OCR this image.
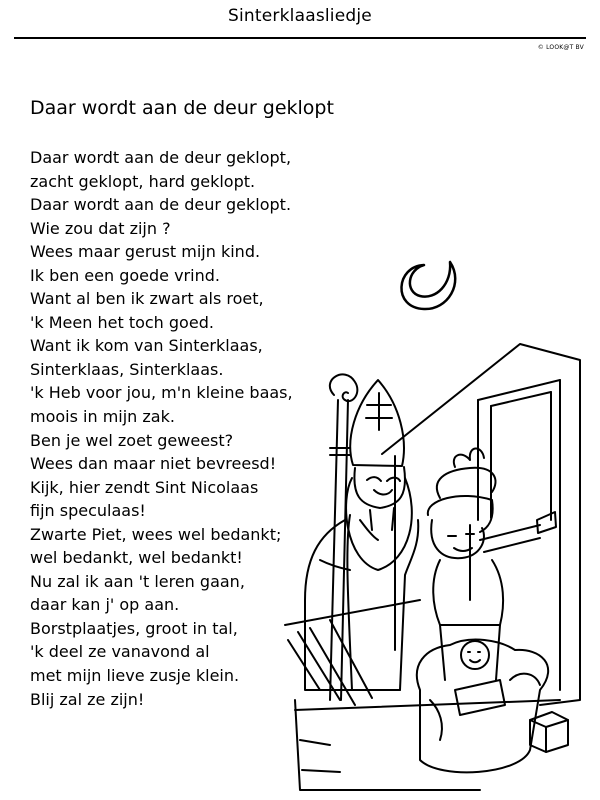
Sinterklaasliedje
© LOOK@T BV
Daar wordt aan de deur geklopt
Daar wordt aan de deur geklopt,
zacht geklopt, hard geklopt.
Daar wordt aan de deur geklopt.
Wie zou dat zijn ?
Wees maar gerust mijn kind.
Ik ben een goede vrind.
Want al ben ik zwart als roet,
'k Meen het toch goed.
Want ik kom van Sinterklaas,
Sinterklaas, Sinterklaas.
'k Heb voor jou, m'n kleine baas,
moois in mijn zak.
Ben je wel zoet geweest?
Wees dan maar niet bevreesd!
Kijk, hier zendt Sint Nicolaas
fijn speculaas!
Zwarte Piet, wees wel bedankt;
wel bedankt, wel bedankt!
Nu zal ik aan 't leren gaan,
daar kan j' op aan.
Borstplaatjes, groot in tal,
'k deel ze vanavond al
met mijn lieve zusje klein.
Blij zal ze zijn!
